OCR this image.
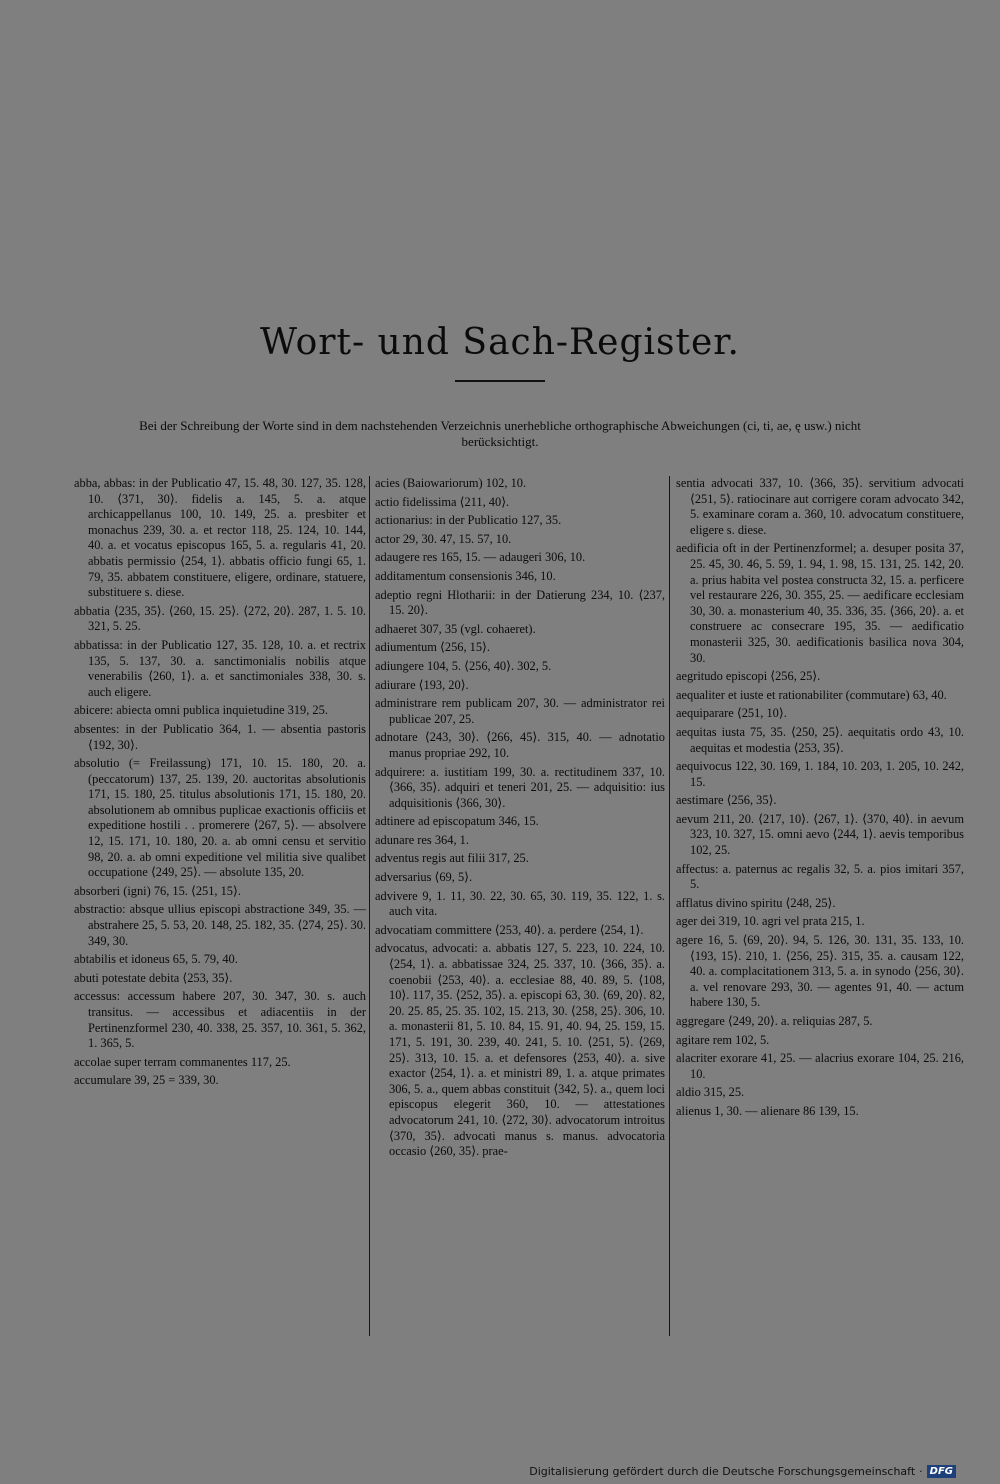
Wort- und Sach-Register.
Bei der Schreibung der Worte sind in dem nachstehenden Verzeichnis unerhebliche orthographische Abweichungen (ci, ti, ae, ę usw.) nicht berücksichtigt.

abba, abbas: in der Publicatio 47, 15. 48, 30. 127, 35. 128, 10. ⟨371, 30⟩. fidelis a. 145, 5. a. atque archicappellanus 100, 10. 149, 25. a. presbiter et monachus 239, 30. a. et rector 118, 25. 124, 10. 144, 40. a. et vocatus episcopus 165, 5. a. regularis 41, 20. abbatis permissio ⟨254, 1⟩. abbatis officio fungi 65, 1. 79, 35. abbatem constituere, eligere, ordinare, statuere, substituere s. diese.

abbatia ⟨235, 35⟩. ⟨260, 15. 25⟩. ⟨272, 20⟩. 287, 1. 5. 10. 321, 5. 25.

abbatissa: in der Publicatio 127, 35. 128, 10. a. et rectrix 135, 5. 137, 30. a. sanctimonialis nobilis atque venerabilis ⟨260, 1⟩. a. et sanctimoniales 338, 30. s. auch eligere.

abicere: abiecta omni publica inquietudine 319, 25.

absentes: in der Publicatio 364, 1. — absentia pastoris ⟨192, 30⟩.

absolutio (= Freilassung) 171, 10. 15. 180, 20. a. (peccatorum) 137, 25. 139, 20. auctoritas absolutionis 171, 15. 180, 25. titulus absolutionis 171, 15. 180, 20. absolutionem ab omnibus puplicae exactionis officiis et expeditione hostili . . promerere ⟨267, 5⟩. — absolvere 12, 15. 171, 10. 180, 20. a. ab omni censu et servitio 98, 20. a. ab omni expeditione vel militia sive qualibet occupatione ⟨249, 25⟩. — absolute 135, 20.

absorberi (igni) 76, 15. ⟨251, 15⟩.

abstractio: absque ullius episcopi abstractione 349, 35. — abstrahere 25, 5. 53, 20. 148, 25. 182, 35. ⟨274, 25⟩. 30. 349, 30.

abtabilis et idoneus 65, 5. 79, 40.

abuti potestate debita ⟨253, 35⟩.

accessus: accessum habere 207, 30. 347, 30. s. auch transitus. — accessibus et adiacentiis in der Pertinenzformel 230, 40. 338, 25. 357, 10. 361, 5. 362, 1. 365, 5.

accolae super terram commanentes 117, 25.

accumulare 39, 25 = 339, 30.

acies (Baiowariorum) 102, 10.

actio fidelissima ⟨211, 40⟩.

actionarius: in der Publicatio 127, 35.

actor 29, 30. 47, 15. 57, 10.

adaugere res 165, 15. — adaugeri 306, 10.

additamentum consensionis 346, 10.

adeptio regni Hlotharii: in der Datierung 234, 10. ⟨237, 15. 20⟩.

adhaeret 307, 35 (vgl. cohaeret).

adiumentum ⟨256, 15⟩.

adiungere 104, 5. ⟨256, 40⟩. 302, 5.

adiurare ⟨193, 20⟩.

administrare rem publicam 207, 30. — administrator rei publicae 207, 25.

adnotare ⟨243, 30⟩. ⟨266, 45⟩. 315, 40. — adnotatio manus propriae 292, 10.

adquirere: a. iustitiam 199, 30. a. rectitudinem 337, 10. ⟨366, 35⟩. adquiri et teneri 201, 25. — adquisitio: ius adquisitionis ⟨366, 30⟩.

adtinere ad episcopatum 346, 15.

adunare res 364, 1.

adventus regis aut filii 317, 25.

adversarius ⟨69, 5⟩.

advivere 9, 1. 11, 30. 22, 30. 65, 30. 119, 35. 122, 1. s. auch vita.

advocatiam committere ⟨253, 40⟩. a. perdere ⟨254, 1⟩.

advocatus, advocati: a. abbatis 127, 5. 223, 10. 224, 10. ⟨254, 1⟩. a. abbatissae 324, 25. 337, 10. ⟨366, 35⟩. a. coenobii ⟨253, 40⟩. a. ecclesiae 88, 40. 89, 5. ⟨108, 10⟩. 117, 35. ⟨252, 35⟩. a. episcopi 63, 30. ⟨69, 20⟩. 82, 20. 25. 85, 25. 35. 102, 15. 213, 30. ⟨258, 25⟩. 306, 10. a. monasterii 81, 5. 10. 84, 15. 91, 40. 94, 25. 159, 15. 171, 5. 191, 30. 239, 40. 241, 5. 10. ⟨251, 5⟩. ⟨269, 25⟩. 313, 10. 15. a. et defensores ⟨253, 40⟩. a. sive exactor ⟨254, 1⟩. a. et ministri 89, 1. a. atque primates 306, 5. a., quem abbas constituit ⟨342, 5⟩. a., quem loci episcopus elegerit 360, 10. — attestationes advocatorum 241, 10. ⟨272, 30⟩. advocatorum introitus ⟨370, 35⟩. advocati manus s. manus. advocatoria occasio ⟨260, 35⟩. prae-

sentia advocati 337, 10. ⟨366, 35⟩. servitium advocati ⟨251, 5⟩. ratiocinare aut corrigere coram advocato 342, 5. examinare coram a. 360, 10. advocatum constituere, eligere s. diese.

aedificia oft in der Pertinenzformel; a. desuper posita 37, 25. 45, 30. 46, 5. 59, 1. 94, 1. 98, 15. 131, 25. 142, 20. a. prius habita vel postea constructa 32, 15. a. perficere vel restaurare 226, 30. 355, 25. — aedificare ecclesiam 30, 30. a. monasterium 40, 35. 336, 35. ⟨366, 20⟩. a. et construere ac consecrare 195, 35. — aedificatio monasterii 325, 30. aedificationis basilica nova 304, 30.

aegritudo episcopi ⟨256, 25⟩.

aequaliter et iuste et rationabiliter (commutare) 63, 40.

aequiparare ⟨251, 10⟩.

aequitas iusta 75, 35. ⟨250, 25⟩. aequitatis ordo 43, 10. aequitas et modestia ⟨253, 35⟩.

aequivocus 122, 30. 169, 1. 184, 10. 203, 1. 205, 10. 242, 15.

aestimare ⟨256, 35⟩.

aevum 211, 20. ⟨217, 10⟩. ⟨267, 1⟩. ⟨370, 40⟩. in aevum 323, 10. 327, 15. omni aevo ⟨244, 1⟩. aevis temporibus 102, 25.

affectus: a. paternus ac regalis 32, 5. a. pios imitari 357, 5.

afflatus divino spiritu ⟨248, 25⟩.

ager dei 319, 10. agri vel prata 215, 1.

agere 16, 5. ⟨69, 20⟩. 94, 5. 126, 30. 131, 35. 133, 10. ⟨193, 15⟩. 210, 1. ⟨256, 25⟩. 315, 35. a. causam 122, 40. a. complacitationem 313, 5. a. in synodo ⟨256, 30⟩. a. vel renovare 293, 30. — agentes 91, 40. — actum habere 130, 5.

aggregare ⟨249, 20⟩. a. reliquias 287, 5.

agitare rem 102, 5.

alacriter exorare 41, 25. — alacrius exorare 104, 25. 216, 10.

aldio 315, 25.

alienus 1, 30. — alienare 86 139, 15.

Digitalisierung gefördert durch die Deutsche Forschungsgemeinschaft · DFG
